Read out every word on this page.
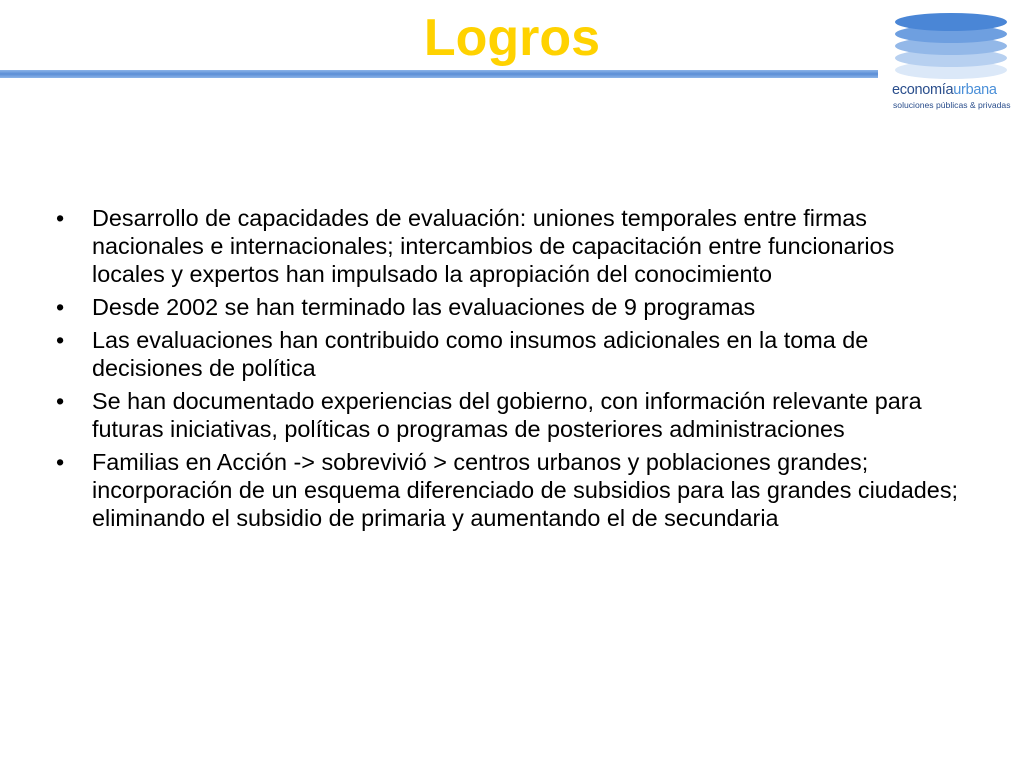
Logros
economíaurbana
soluciones públicas & privadas
• Desarrollo de capacidades de evaluación: uniones temporales entre firmas nacionales e internacionales; intercambios de capacitación entre funcionarios locales y expertos han impulsado la apropiación del conocimiento
• Desde 2002 se han terminado las evaluaciones de 9 programas
• Las evaluaciones han contribuido como insumos adicionales en la toma de decisiones de política
• Se han documentado experiencias del gobierno, con información relevante para futuras iniciativas, políticas o programas de posteriores administraciones
• Familias en Acción -> sobrevivió > centros urbanos y poblaciones grandes; incorporación de un esquema diferenciado de subsidios para las grandes ciudades; eliminando el subsidio de primaria y aumentando el de secundaria
